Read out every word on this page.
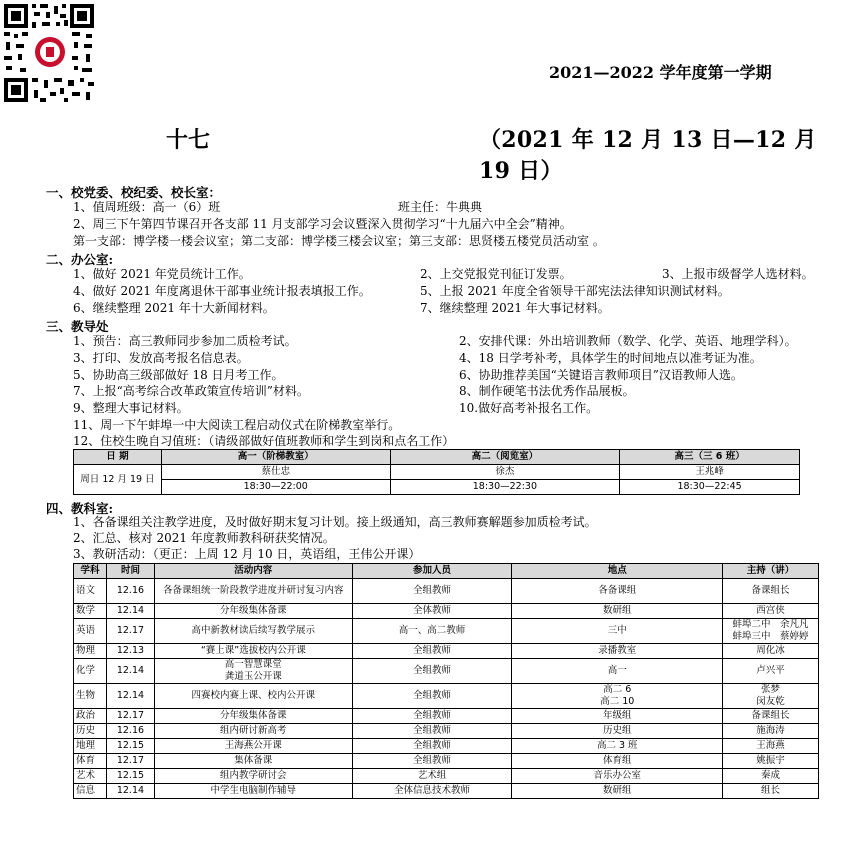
2021—2022 学年度第一学期
十七	（2021 年 12 月 13 日—12 月 19 日）
一、校党委、校纪委、校长室：
1、值周班级：高一（6）班	班主任：牛典典
2、周三下午第四节课召开各支部 11 月支部学习会议暨深入贯彻学习“十九届六中全会”精神。
第一支部：博学楼一楼会议室；第二支部：博学楼三楼会议室；第三支部：思贤楼五楼党员活动室 。
二、办公室:
1、做好 2021 年党员统计工作。	2、上交党报党刊征订发票。	3、上报市级督学人选材料。
4、做好 2021 年度离退休干部事业统计报表填报工作。	5、上报 2021 年度全省领导干部宪法法律知识测试材料。
6、继续整理 2021 年十大新闻材料。	7、继续整理 2021 年大事记材料。
三、教导处
1、预告：高三教师同步参加二质检考试。	2、安排代课：外出培训教师（数学、化学、英语、地理学科）。
3、打印、发放高考报名信息表。	4、18 日学考补考，具体学生的时间地点以准考证为准。
5、协助高三级部做好 18 日月考工作。	6、协助推荐美国“关键语言教师项目”汉语教师人选。
7、上报“高考综合改革政策宣传培训”材料。	8、制作硬笔书法优秀作品展板。
9、整理大事记材料。	10.做好高考补报名工作。
11、周一下午蚌埠一中大阅读工程启动仪式在阶梯教室举行。
12、住校生晚自习值班：（请级部做好值班教师和学生到岗和点名工作）
日 期	高一（阶梯教室）	高二（阅览室）	高三（三 6 班）
周日 12 月 19 日	蔡仕忠	徐杰	王兆峰
	18:30—22:00	18:30—22:30	18:30—22:45
四、教科室:
1、各备课组关注教学进度，及时做好期末复习计划。接上级通知，高三教师赛解题参加质检考试。
2、汇总、核对 2021 年度教师教科研获奖情况。
3、教研活动：（更正：上周 12 月 10 日，英语组，王伟公开课）
学科	时间	活动内容	参加人员	地点	主持（讲）
语文	12.16	各备课组统一阶段教学进度并研讨复习内容	全组教师	各备课组	备课组长
数学	12.14	分年级集体备课	全体教师	数研组	西宫侠
英语	12.17	高中新教材读后续写教学展示	高一、高二教师	三中	蚌埠二中　余凡凡
蚌埠三中　蔡婷婷
物理	12.13	“賽上课”选拔校内公开课	全组教师	录播教室	周化冰
化学	12.14	高一智慧课堂
龚道玉公开课	全组教师	高一	卢兴平
生物	12.14	四赛校内赛上课、校内公开课	全组教师	高二 6
高二 10	张梦
闵友乾
政治	12.17	分年级集体备课	全组教师	年级组	备课组长
历史	12.16	组内研讨新高考	全组教师	历史组	施海涛
地理	12.15	王海燕公开课	全组教师	高二 3 班	王海燕
体育	12.17	集体备课	全组教师	体育组	姚振宇
艺术	12.15	组内教学研讨会	艺术组	音乐办公室	秦成
信息	12.14	中学生电脑制作辅导	全体信息技术教师	数研组	组长
